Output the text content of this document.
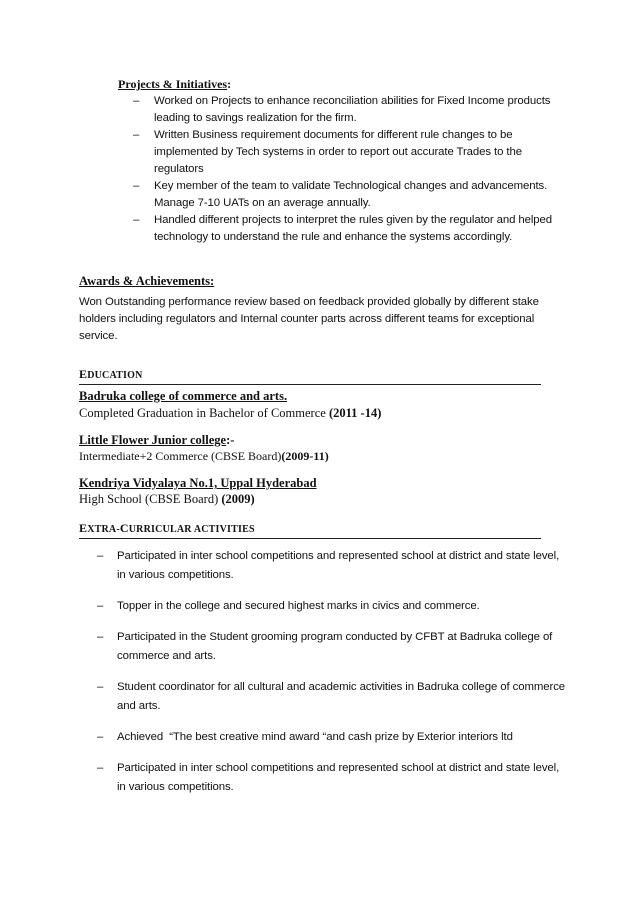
Projects & Initiatives:
– Worked on Projects to enhance reconciliation abilities for Fixed Income products leading to savings realization for the firm.
– Written Business requirement documents for different rule changes to be implemented by Tech systems in order to report out accurate Trades to the regulators
– Key member of the team to validate Technological changes and advancements. Manage 7-10 UATs on an average annually.
– Handled different projects to interpret the rules given by the regulator and helped technology to understand the rule and enhance the systems accordingly.
Awards & Achievements:
Won Outstanding performance review based on feedback provided globally by different stake holders including regulators and Internal counter parts across different teams for exceptional service.
EDUCATION
Badruka college of commerce and arts.
Completed Graduation in Bachelor of Commerce (2011 -14)
Little Flower Junior college:-
Intermediate+2 Commerce (CBSE Board)(2009-11)
Kendriya Vidyalaya No.1, Uppal Hyderabad
High School (CBSE Board) (2009)
EXTRA-CURRICULAR ACTIVITIES
– Participated in inter school competitions and represented school at district and state level, in various competitions.
– Topper in the college and secured highest marks in civics and commerce.
– Participated in the Student grooming program conducted by CFBT at Badruka college of commerce and arts.
– Student coordinator for all cultural and academic activities in Badruka college of commerce and arts.
– Achieved  “The best creative mind award “and cash prize by Exterior interiors ltd
– Participated in inter school competitions and represented school at district and state level, in various competitions.
